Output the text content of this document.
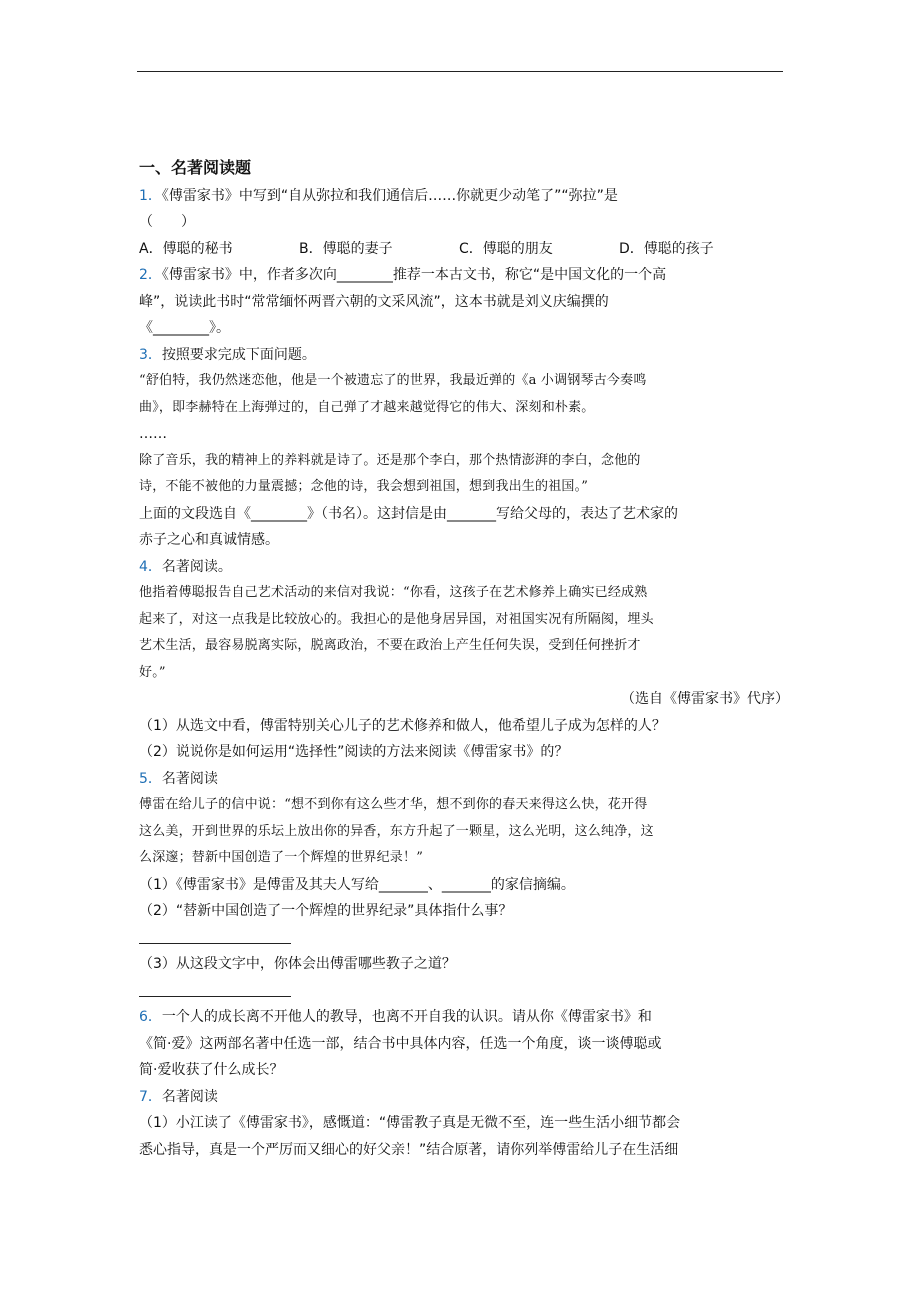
一、名著阅读题
1．《傅雷家书》中写到“自从弥拉和我们通信后……你就更少动笔了”“弥拉”是
（　　）
A．傅聪的秘书	B．傅聪的妻子	C．傅聪的朋友	D．傅聪的孩子
2．《傅雷家书》中，作者多次向________推荐一本古文书，称它“是中国文化的一个高
峰”，说读此书时“常常缅怀两晋六朝的文采风流”，这本书就是刘义庆编撰的
《________》。
3．按照要求完成下面问题。
“舒伯特，我仍然迷恋他，他是一个被遗忘了的世界，我最近弹的《a 小调钢琴古今奏鸣
曲》，即李赫特在上海弹过的，自己弹了才越来越觉得它的伟大、深刻和朴素。
……
除了音乐，我的精神上的养料就是诗了。还是那个李白，那个热情澎湃的李白，念他的
诗，不能不被他的力量震撼；念他的诗，我会想到祖国，想到我出生的祖国。”
上面的文段选自《________》（书名）。这封信是由_______写给父母的，表达了艺术家的
赤子之心和真诚情感。
4．名著阅读。
他指着傅聪报告自己艺术活动的来信对我说：“你看，这孩子在艺术修养上确实已经成熟
起来了，对这一点我是比较放心的。我担心的是他身居异国，对祖国实况有所隔阂，埋头
艺术生活，最容易脱离实际，脱离政治，不要在政治上产生任何失误，受到任何挫折才
好。”
（选自《傅雷家书》代序）
（1）从选文中看，傅雷特别关心儿子的艺术修养和做人，他希望儿子成为怎样的人？
（2）说说你是如何运用“选择性”阅读的方法来阅读《傅雷家书》的？
5．名著阅读
傅雷在给儿子的信中说：“想不到你有这么些才华，想不到你的春天来得这么快，花开得
这么美，开到世界的乐坛上放出你的异香，东方升起了一颗星，这么光明，这么纯净，这
么深邃；替新中国创造了一个辉煌的世界纪录！”
（1）《傅雷家书》是傅雷及其夫人写给_______、_______的家信摘编。
（2）“替新中国创造了一个辉煌的世界纪录”具体指什么事？
（3）从这段文字中，你体会出傅雷哪些教子之道？
6．一个人的成长离不开他人的教导，也离不开自我的认识。请从你《傅雷家书》和
《简·爱》这两部名著中任选一部，结合书中具体内容，任选一个角度，谈一谈傅聪或
简·爱收获了什么成长？
7．名著阅读
（1）小江读了《傅雷家书》，感慨道：“傅雷教子真是无微不至，连一些生活小细节都会
悉心指导，真是一个严厉而又细心的好父亲！”结合原著，请你列举傅雷给儿子在生活细
